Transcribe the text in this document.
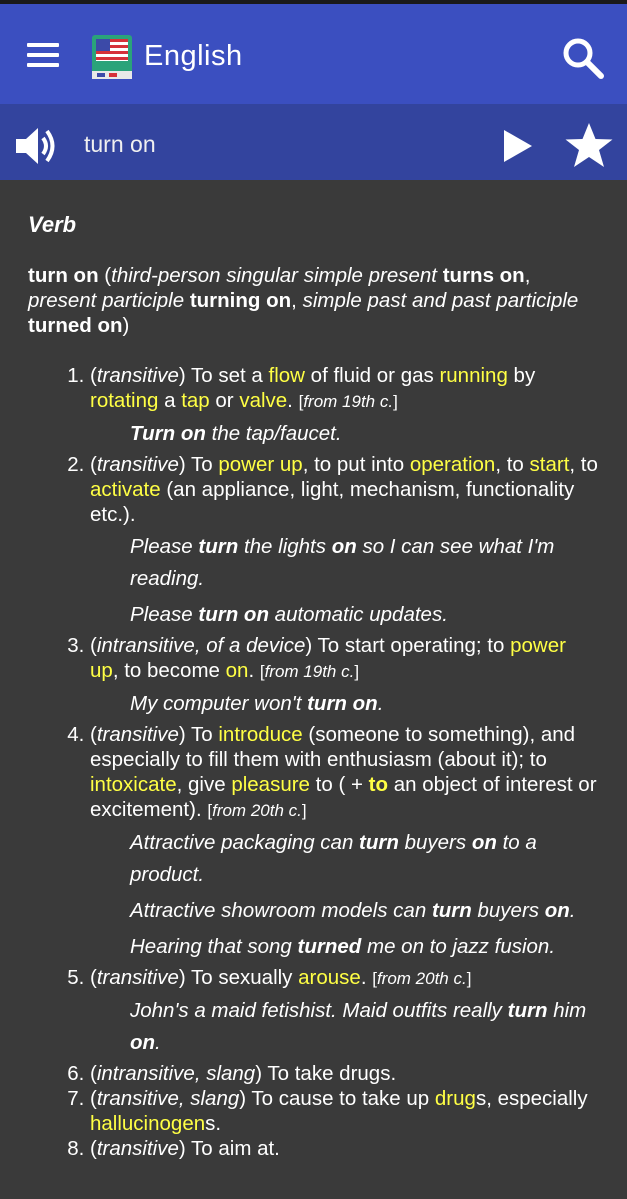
English
turn on
Verb
turn on (third-person singular simple present turns on, present participle turning on, simple past and past participle turned on)
1. (transitive) To set a flow of fluid or gas running by rotating a tap or valve. [from 19th c.]
Turn on the tap/faucet.
2. (transitive) To power up, to put into operation, to start, to activate (an appliance, light, mechanism, functionality etc.).
Please turn the lights on so I can see what I'm reading.
Please turn on automatic updates.
3. (intransitive, of a device) To start operating; to power up, to become on. [from 19th c.]
My computer won't turn on.
4. (transitive) To introduce (someone to something), and especially to fill them with enthusiasm (about it); to intoxicate, give pleasure to ( + to an object of interest or excitement). [from 20th c.]
Attractive packaging can turn buyers on to a product.
Attractive showroom models can turn buyers on.
Hearing that song turned me on to jazz fusion.
5. (transitive) To sexually arouse. [from 20th c.]
John's a maid fetishist. Maid outfits really turn him on.
6. (intransitive, slang) To take drugs.
7. (transitive, slang) To cause to take up drugs, especially hallucinogens.
8. (transitive) To aim at.
